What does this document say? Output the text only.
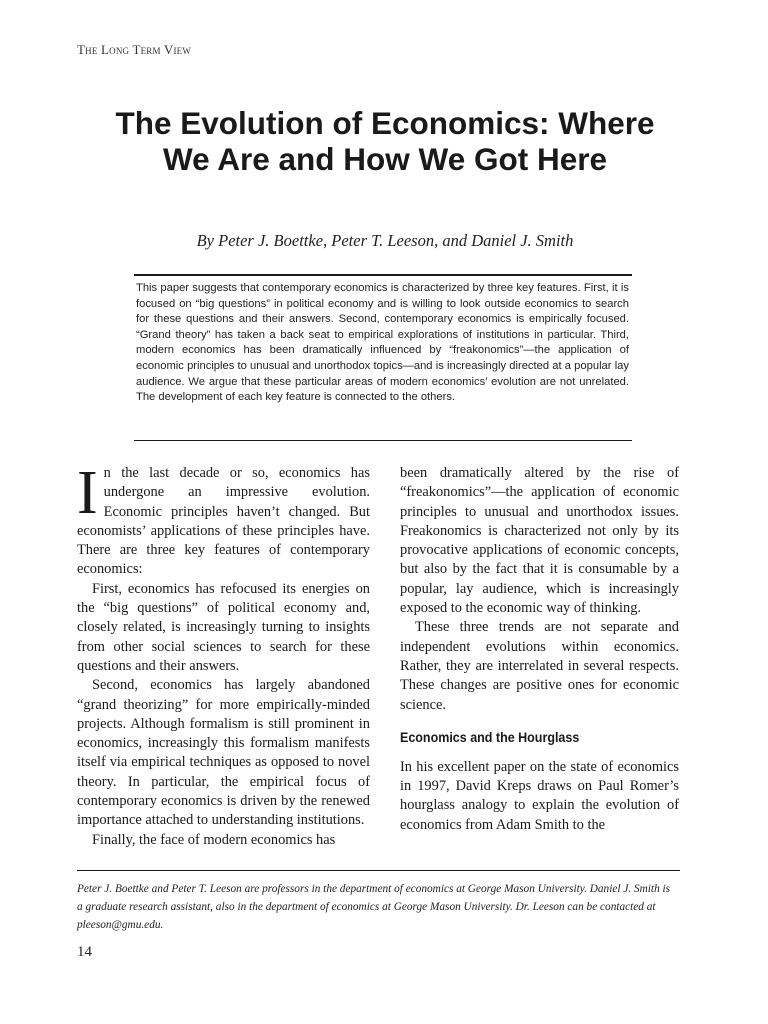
The Long Term View
The Evolution of Economics: Where We Are and How We Got Here
By Peter J. Boettke, Peter T. Leeson, and Daniel J. Smith

This paper suggests that contemporary economics is characterized by three key features. First, it is focused on “big questions” in political economy and is willing to look outside economics to search for these questions and their answers. Second, contemporary economics is empirically focused. “Grand theory” has taken a back seat to empirical explorations of institutions in particular. Third, modern economics has been dramatically influenced by “freakonomics”—the application of economic principles to unusual and unorthodox topics—and is increasingly directed at a popular lay audience. We argue that these particular areas of modern economics’ evolution are not unrelated. The development of each key feature is connected to the others.

In the last decade or so, economics has undergone an impressive evolution. Economic principles haven’t changed. But economists’ applications of these principles have. There are three key features of contemporary economics:

First, economics has refocused its energies on the “big questions” of political economy and, closely related, is increasingly turning to insights from other social sciences to search for these questions and their answers.

Second, economics has largely abandoned “grand theorizing” for more empirically-minded projects. Although formalism is still prominent in economics, increasingly this formalism manifests itself via empirical techniques as opposed to novel theory. In particular, the empirical focus of contemporary economics is driven by the renewed importance attached to understanding institutions.

Finally, the face of modern economics has

been dramatically altered by the rise of “freakonomics”—the application of economic principles to unusual and unorthodox issues. Freakonomics is characterized not only by its provocative applications of economic concepts, but also by the fact that it is consumable by a popular, lay audience, which is increasingly exposed to the economic way of thinking.

These three trends are not separate and independent evolutions within economics. Rather, they are interrelated in several respects. These changes are positive ones for economic science.

Economics and the Hourglass

In his excellent paper on the state of economics in 1997, David Kreps draws on Paul Romer’s hourglass analogy to explain the evolution of economics from Adam Smith to the

Peter J. Boettke and Peter T. Leeson are professors in the department of economics at George Mason University. Daniel J. Smith is a graduate research assistant, also in the department of economics at George Mason University. Dr. Leeson can be contacted at pleeson@gmu.edu.

14
